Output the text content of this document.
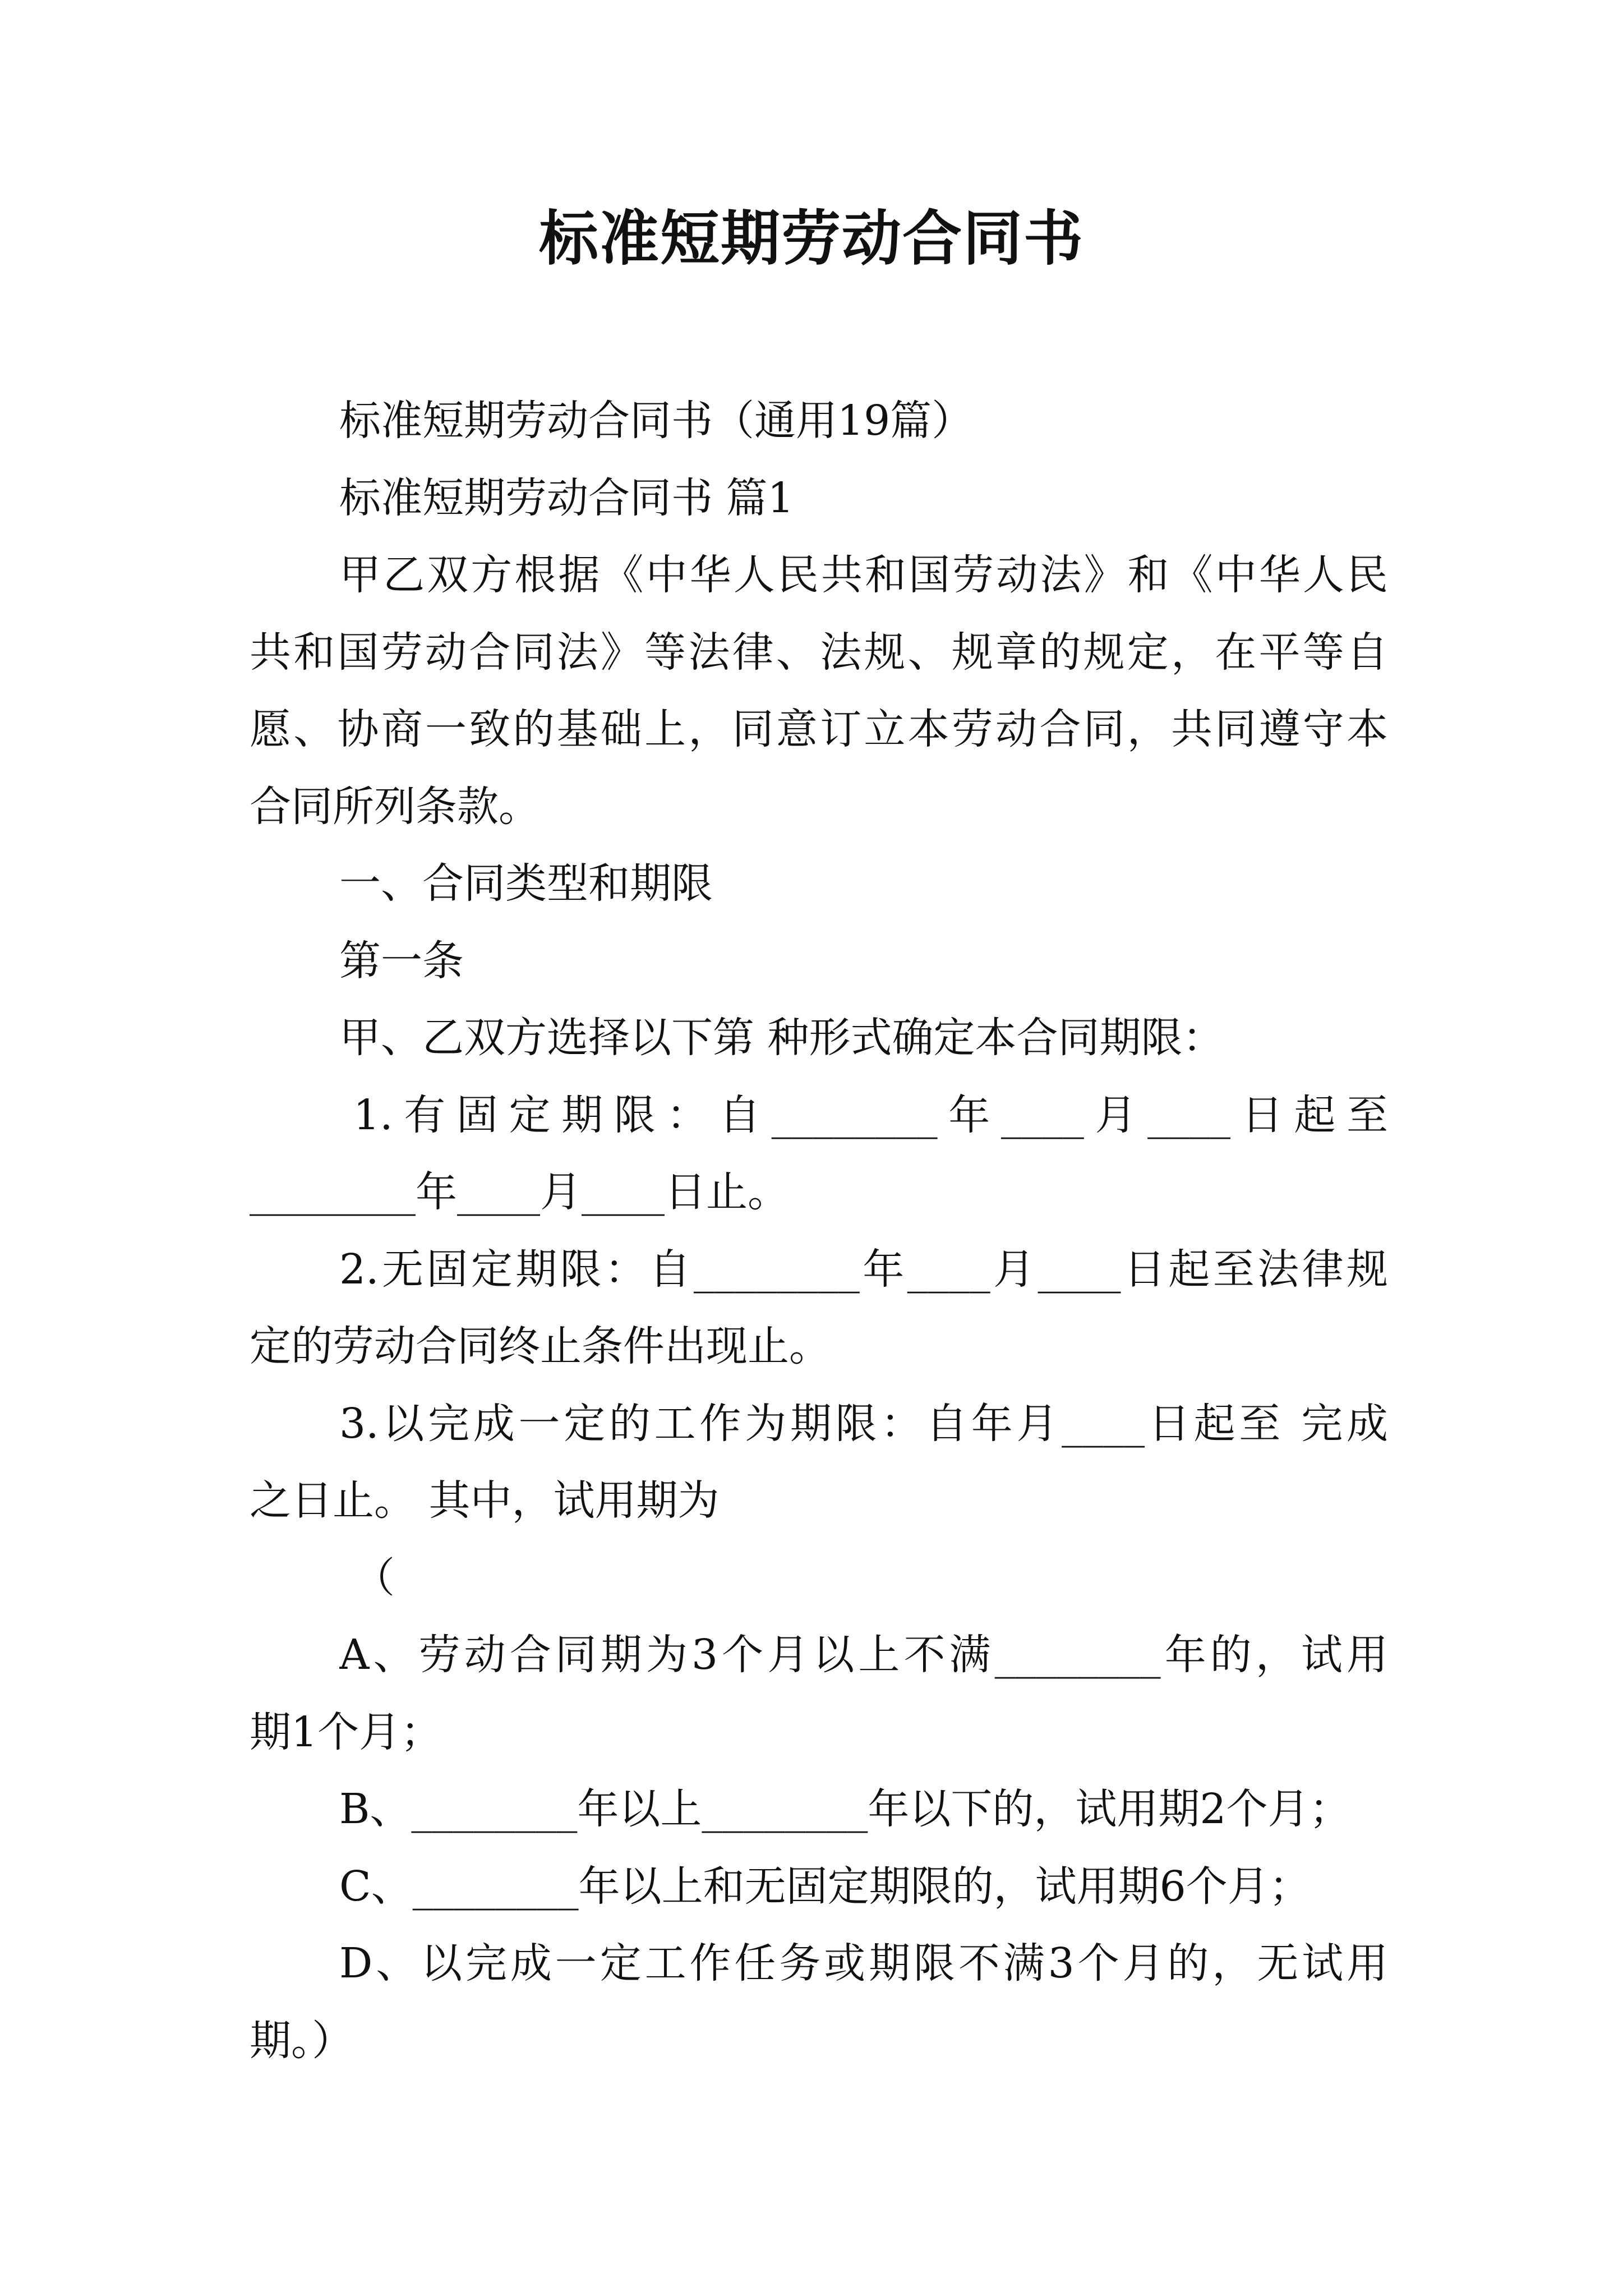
标准短期劳动合同书
标准短期劳动合同书（通用19篇）
标准短期劳动合同书 篇1
甲乙双方根据《中华人民共和国劳动法》和《中华人民
共和国劳动合同法》等法律、法规、规章的规定，在平等自
愿、协商一致的基础上，同意订立本劳动合同，共同遵守本
合同所列条款。
一、合同类型和期限
第一条
甲、乙双方选择以下第 种形式确定本合同期限：
1.有固定期限：自________年____月____日起至
________年____月____日止。
2.无固定期限：自________年____月____日起至法律规
定的劳动合同终止条件出现止。
3.以完成一定的工作为期限：自年月____日起至 完成
之日止。 其中，试用期为
（
A、劳动合同期为3个月以上不满________年的，试用
期1个月；
B、________年以上________年以下的，试用期2个月；
C、________年以上和无固定期限的，试用期6个月；
D、以完成一定工作任务或期限不满3个月的，无试用
期。）
